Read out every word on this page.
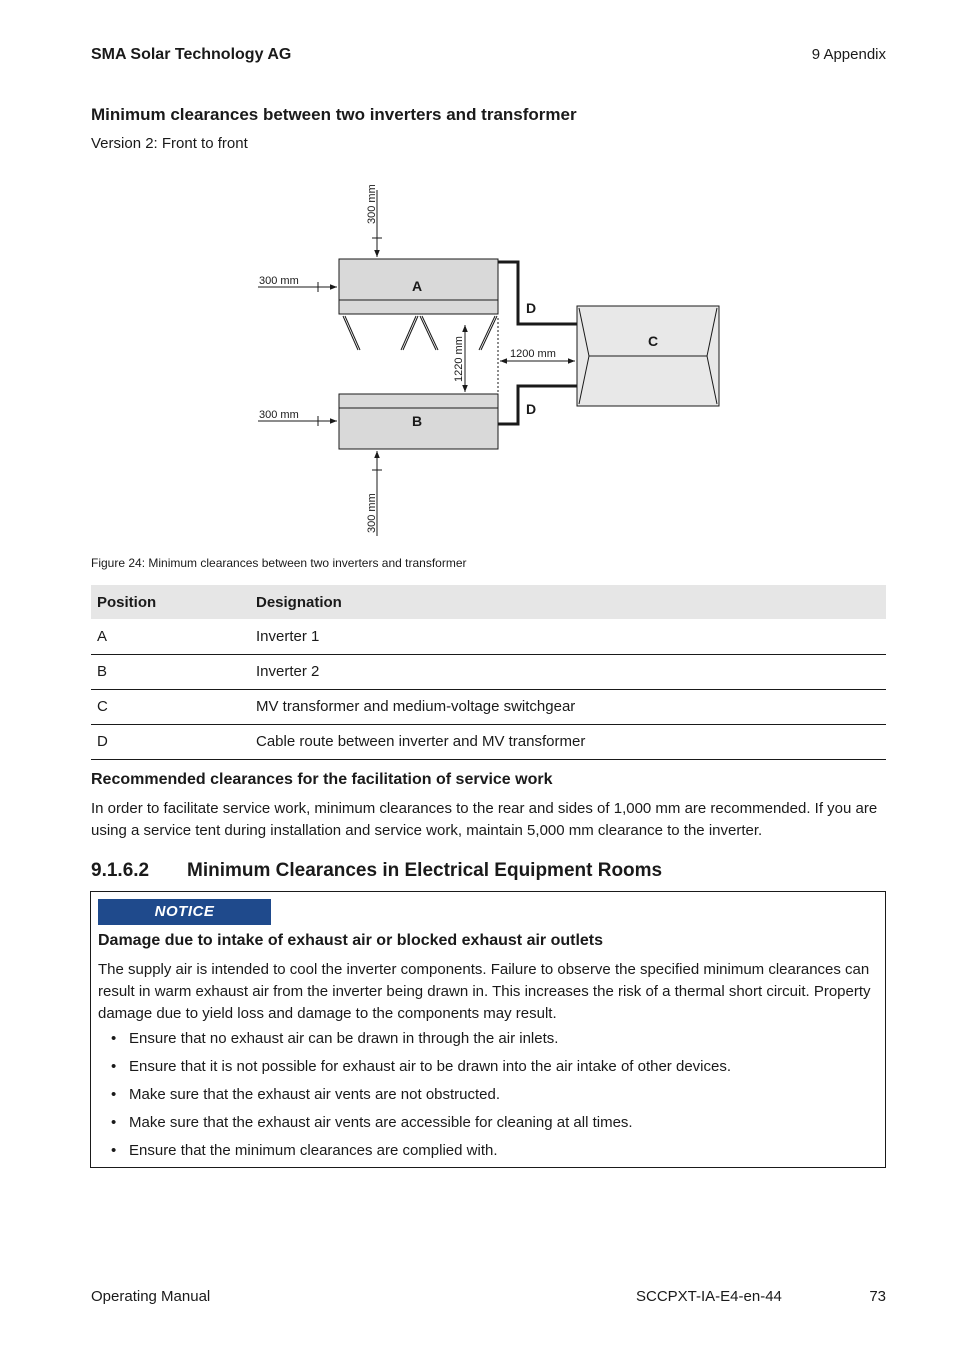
SMA Solar Technology AG	9 Appendix
Minimum clearances between two inverters and transformer
Version 2: Front to front
300 mm
A
300 mm
1220 mm
D
D
1200 mm
C
B
300 mm
300 mm
Figure 24: Minimum clearances between two inverters and transformer
Position	Designation
A	Inverter 1
B	Inverter 2
C	MV transformer and medium-voltage switchgear
D	Cable route between inverter and MV transformer
Recommended clearances for the facilitation of service work
In order to facilitate service work, minimum clearances to the rear and sides of 1,000 mm are recommended. If you are using a service tent during installation and service work, maintain 5,000 mm clearance to the inverter.
9.1.6.2 Minimum Clearances in Electrical Equipment Rooms
NOTICE
Damage due to intake of exhaust air or blocked exhaust air outlets
The supply air is intended to cool the inverter components. Failure to observe the specified minimum clearances can result in warm exhaust air from the inverter being drawn in. This increases the risk of a thermal short circuit. Property damage due to yield loss and damage to the components may result.
• Ensure that no exhaust air can be drawn in through the air inlets.
• Ensure that it is not possible for exhaust air to be drawn into the air intake of other devices.
• Make sure that the exhaust air vents are not obstructed.
• Make sure that the exhaust air vents are accessible for cleaning at all times.
• Ensure that the minimum clearances are complied with.
Operating Manual	SCCPXT-IA-E4-en-44	73
